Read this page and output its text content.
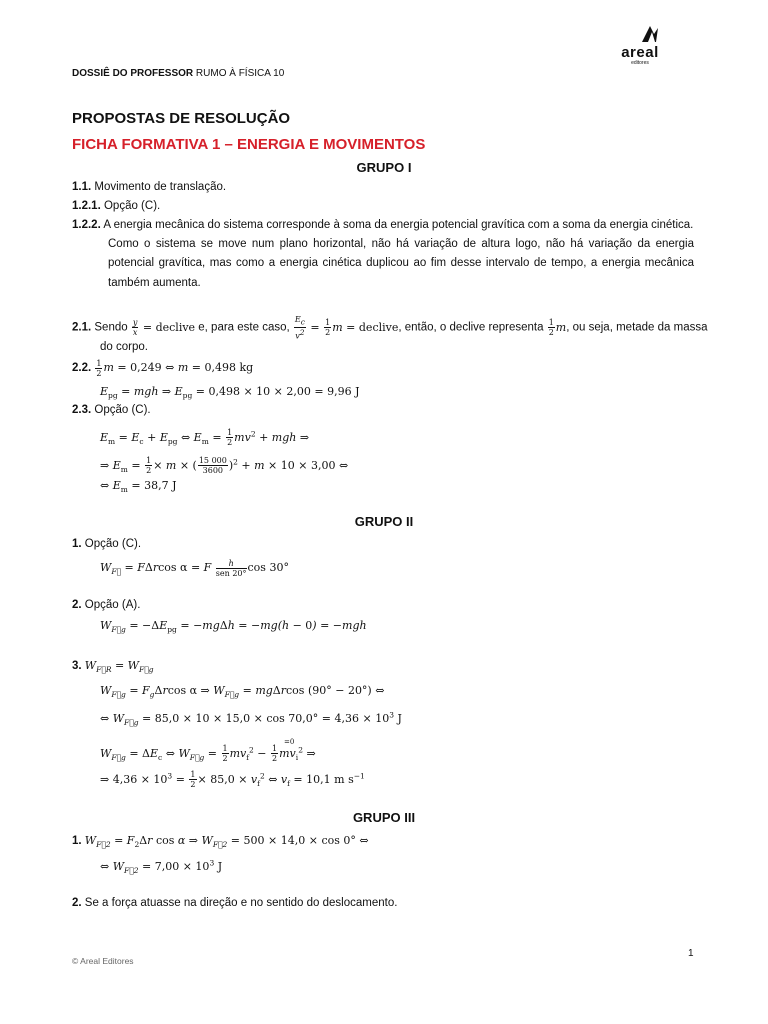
areal
editores
DOSSIÊ DO PROFESSOR RUMO À FÍSICA 10
PROPOSTAS DE RESOLUÇÃO
FICHA FORMATIVA 1 – ENERGIA E MOVIMENTOS
GRUPO I
1.1. Movimento de translação.
1.2.1. Opção (C).
1.2.2. A energia mecânica do sistema corresponde à soma da energia potencial gravítica com a soma da energia cinética.
Como o sistema se move num plano horizontal, não há variação de altura logo, não há variação da energia potencial gravítica, mas como a energia cinética duplicou ao fim desse intervalo de tempo, a energia mecânica também aumenta.
2.1. Sendo $\frac{y}{x}$ = declive e, para este caso, $\frac{E_c}{v^2} = \frac{1}{2}$ m = declive, então, o declive representa $\frac{1}{2} m$, ou seja, metade da massa
do corpo.
2.2. $\frac{1}{2}$ m = 0,249 ⇔ m = 0,498 kg
$E_{pg}$ = mgh ⇒ $E_{pg} = 0,498 \times 10 \times 2,00 = 9,96$ J
2.3. Opção (C).
$E_m = E_c + E_{pg}$ ⇔ $E_m = \frac{1}{2} mv^2$ + mgh ⇒
⇒ $E_m = \frac{1}{2} \times m$ × ( $\frac{15 000}{3600} )^2 + m \times 10 \times 3,00$ ⇔
⇔ $E_m = 38,7$ J
GRUPO II
1. Opção (C).
$W_{F⃗} = F\Delta rcos$ α = F $\frac{h}{\text{sen 20°}}$ cos 30°
2. Opção (A).
$W_{F⃗g} = -\Delta E_{pg} = -mg\Delta h = -mg(h - 0) = -mgh$
3. $W_{F⃗R} = W_{F⃗g}$
$W_{F⃗g} = F_g\Delta rcos$ α ⇒ $W_{F⃗g} = mg\Delta rcos$ (90° − 20°) ⇔
⇔ $W_{F⃗g} = 85,0 \times 10 \times 15,0 \times \cos 70,0^\circ = 4,36 \times 10^3$ J
$W_{F⃗g} = \Delta E_c$ ⇔ $W_{F⃗g} = \frac{1}{2} mv_f^2$ −
=0
$\frac{1}{2} mv_i^2$ ⇒
⇒ $4,36 \times 10^3 = \frac{1}{2} \times 85,0 \times v_f^2$ ⇔ $v_f = 10,1$ m $s^{-1}$
GRUPO III
1. $W_{F⃗2} = F_2\Delta r$ cos α ⇒ $W_{F⃗2} = 500 \times 14,0 \times \cos 0^\circ$ ⇔
⇔ $W_{F⃗2} = 7,00 \times 10^3$ J
2. Se a força atuasse na direção e no sentido do deslocamento.
1
© Areal Editores
